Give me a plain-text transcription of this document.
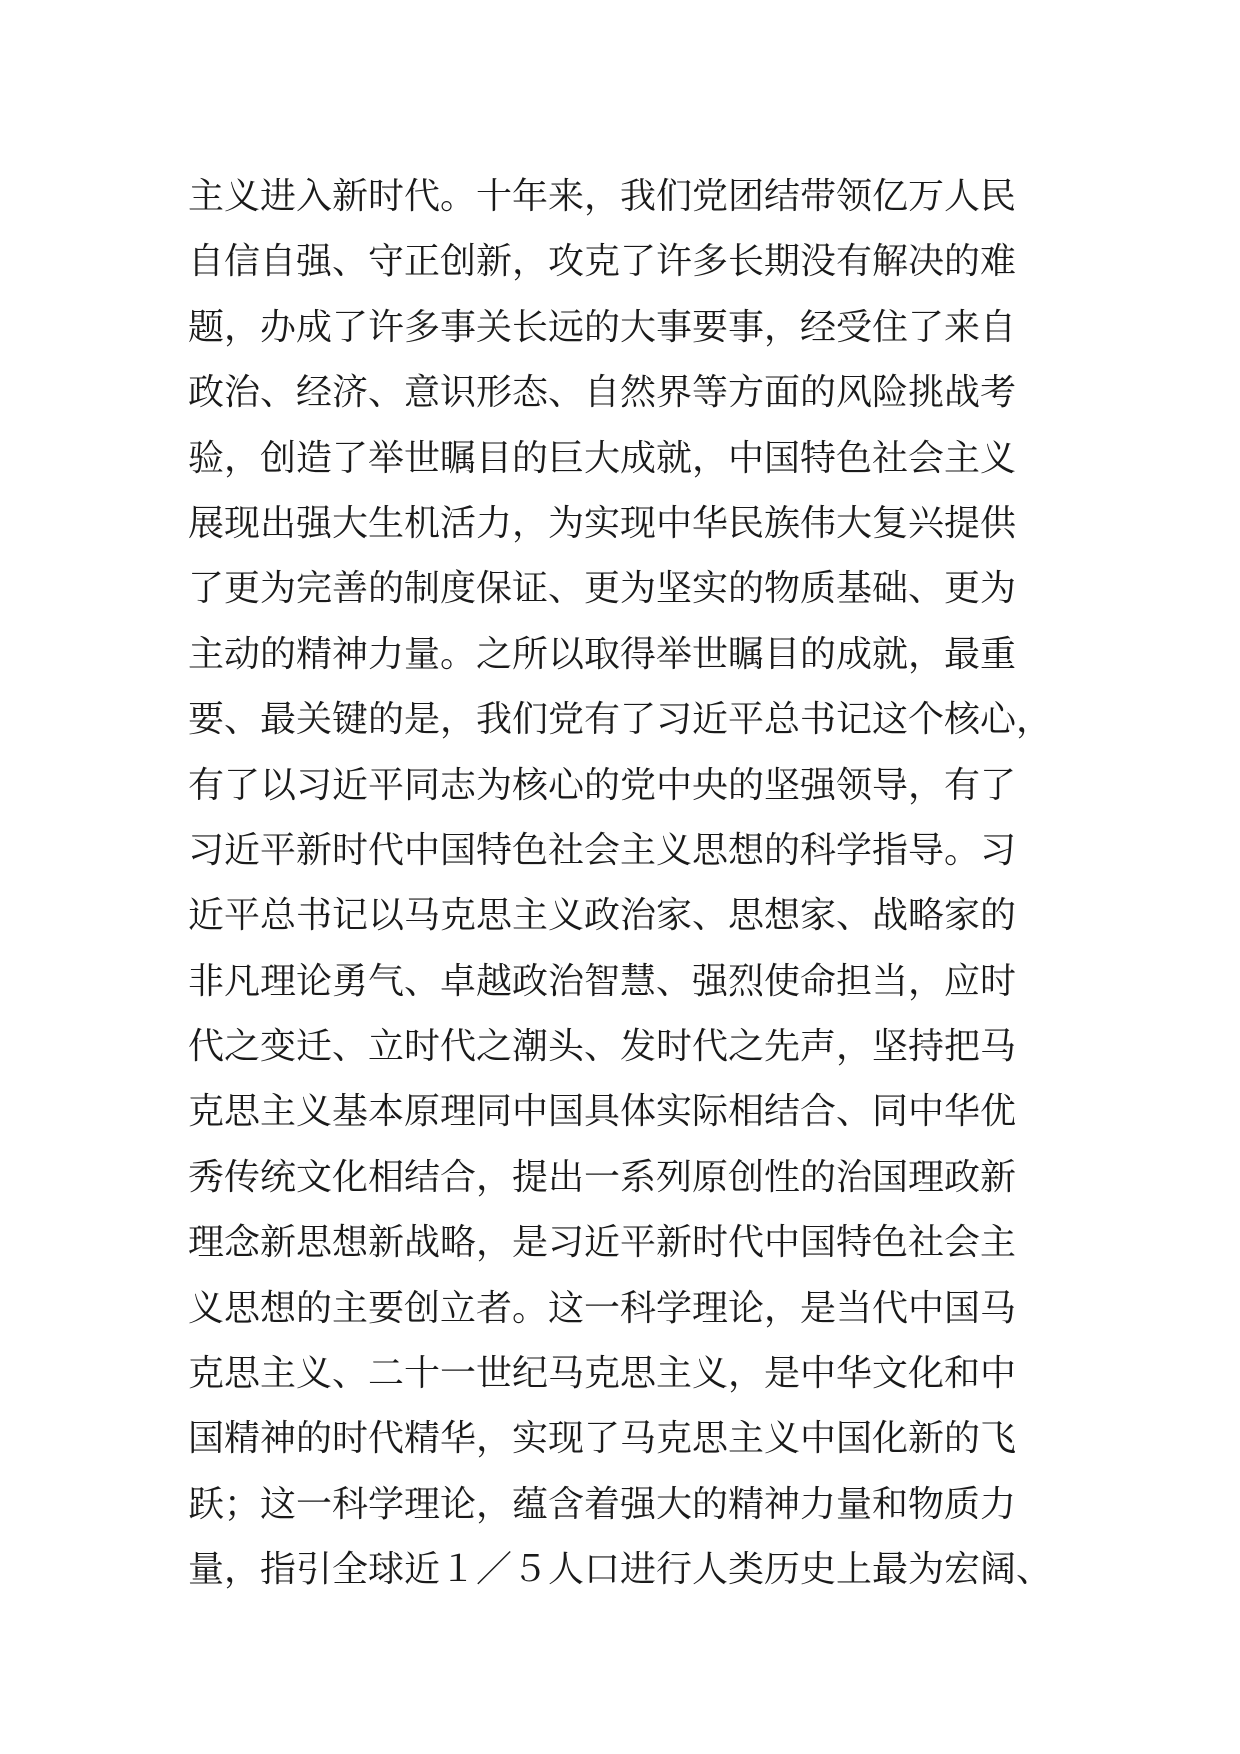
主义进入新时代。十年来，我们党团结带领亿万人民
自信自强、守正创新，攻克了许多长期没有解决的难
题，办成了许多事关长远的大事要事，经受住了来自
政治、经济、意识形态、自然界等方面的风险挑战考
验，创造了举世瞩目的巨大成就，中国特色社会主义
展现出强大生机活力，为实现中华民族伟大复兴提供
了更为完善的制度保证、更为坚实的物质基础、更为
主动的精神力量。之所以取得举世瞩目的成就，最重
要、最关键的是，我们党有了习近平总书记这个核心，
有了以习近平同志为核心的党中央的坚强领导，有了
习近平新时代中国特色社会主义思想的科学指导。习
近平总书记以马克思主义政治家、思想家、战略家的
非凡理论勇气、卓越政治智慧、强烈使命担当，应时
代之变迁、立时代之潮头、发时代之先声，坚持把马
克思主义基本原理同中国具体实际相结合、同中华优
秀传统文化相结合，提出一系列原创性的治国理政新
理念新思想新战略，是习近平新时代中国特色社会主
义思想的主要创立者。这一科学理论，是当代中国马
克思主义、二十一世纪马克思主义，是中华文化和中
国精神的时代精华，实现了马克思主义中国化新的飞
跃；这一科学理论，蕴含着强大的精神力量和物质力
量，指引全球近１／５人口进行人类历史上最为宏阔、
